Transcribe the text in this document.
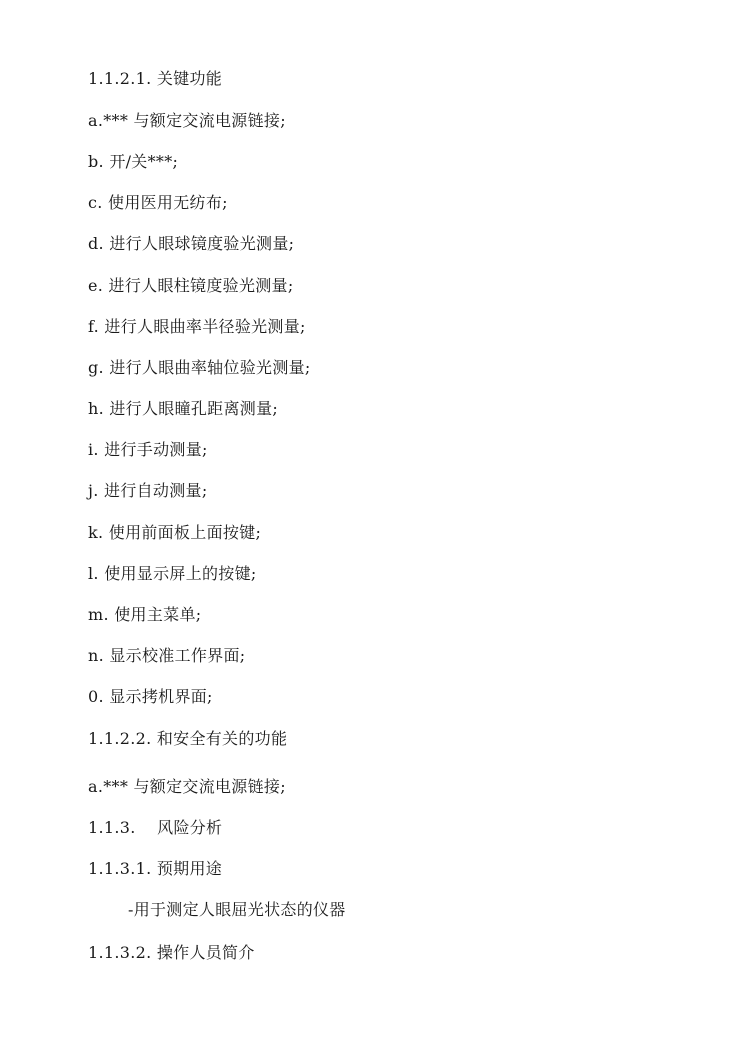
1.1.2.1. 关键功能
a.*** 与额定交流电源链接;
b. 开/关***;
c. 使用医用无纺布;
d. 进行人眼球镜度验光测量;
e. 进行人眼柱镜度验光测量;
f. 进行人眼曲率半径验光测量;
g. 进行人眼曲率轴位验光测量;
h. 进行人眼瞳孔距离测量;
i. 进行手动测量;
j. 进行自动测量;
k. 使用前面板上面按键;
l. 使用显示屏上的按键;
m. 使用主菜单;
n. 显示校准工作界面;
0. 显示拷机界面;
1.1.2.2. 和安全有关的功能
a.*** 与额定交流电源链接;
1.1.3.    风险分析
1.1.3.1. 预期用途
-用于测定人眼屈光状态的仪器
1.1.3.2. 操作人员简介
